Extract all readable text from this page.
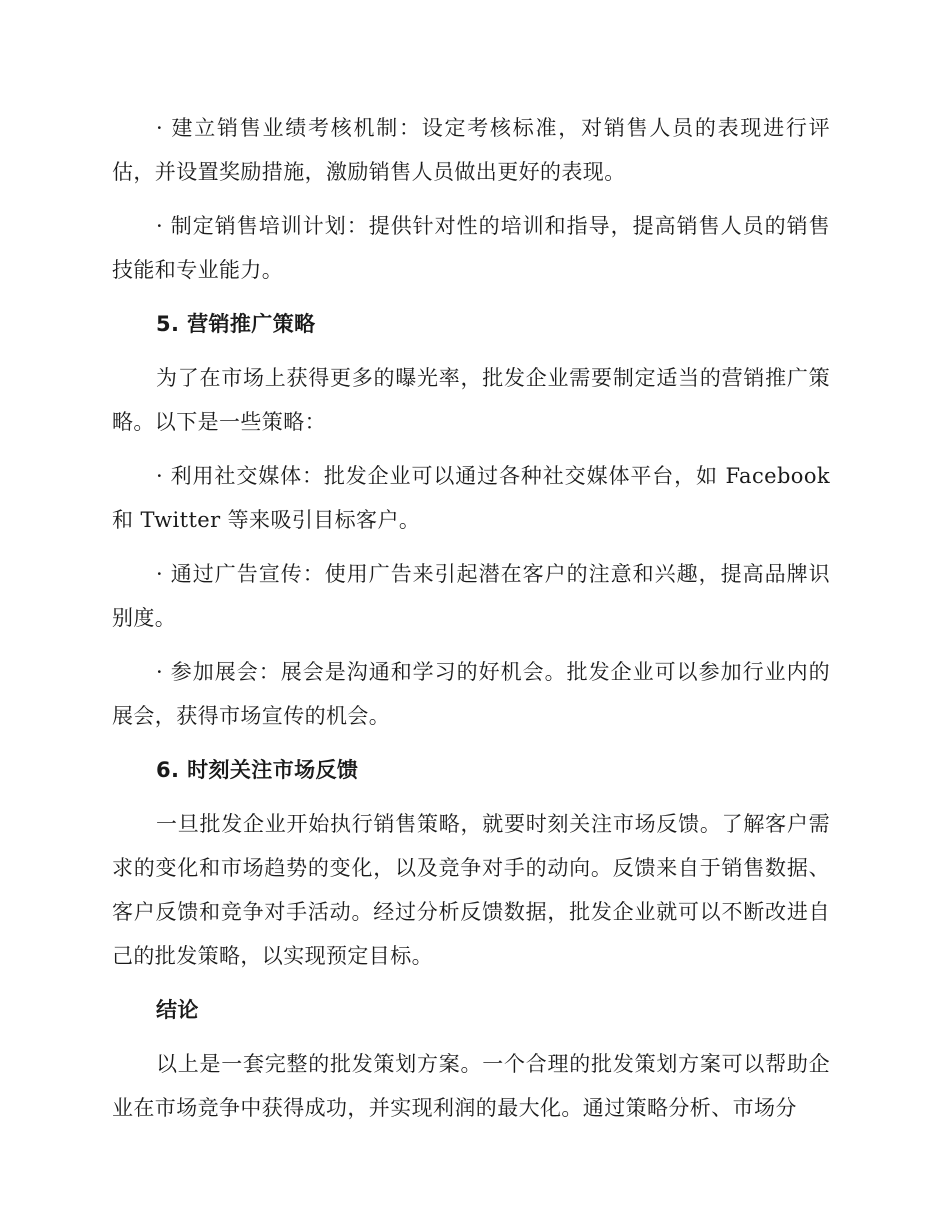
· 建立销售业绩考核机制：设定考核标准，对销售人员的表现进行评估，并设置奖励措施，激励销售人员做出更好的表现。

· 制定销售培训计划：提供针对性的培训和指导，提高销售人员的销售技能和专业能力。

5. 营销推广策略

为了在市场上获得更多的曝光率，批发企业需要制定适当的营销推广策略。以下是一些策略：

· 利用社交媒体：批发企业可以通过各种社交媒体平台，如 Facebook 和 Twitter 等来吸引目标客户。

· 通过广告宣传：使用广告来引起潜在客户的注意和兴趣，提高品牌识别度。

· 参加展会：展会是沟通和学习的好机会。批发企业可以参加行业内的展会，获得市场宣传的机会。

6. 时刻关注市场反馈

一旦批发企业开始执行销售策略，就要时刻关注市场反馈。了解客户需求的变化和市场趋势的变化，以及竞争对手的动向。反馈来自于销售数据、客户反馈和竞争对手活动。经过分析反馈数据，批发企业就可以不断改进自己的批发策略，以实现预定目标。

结论

以上是一套完整的批发策划方案。一个合理的批发策划方案可以帮助企业在市场竞争中获得成功，并实现利润的最大化。通过策略分析、市场分
